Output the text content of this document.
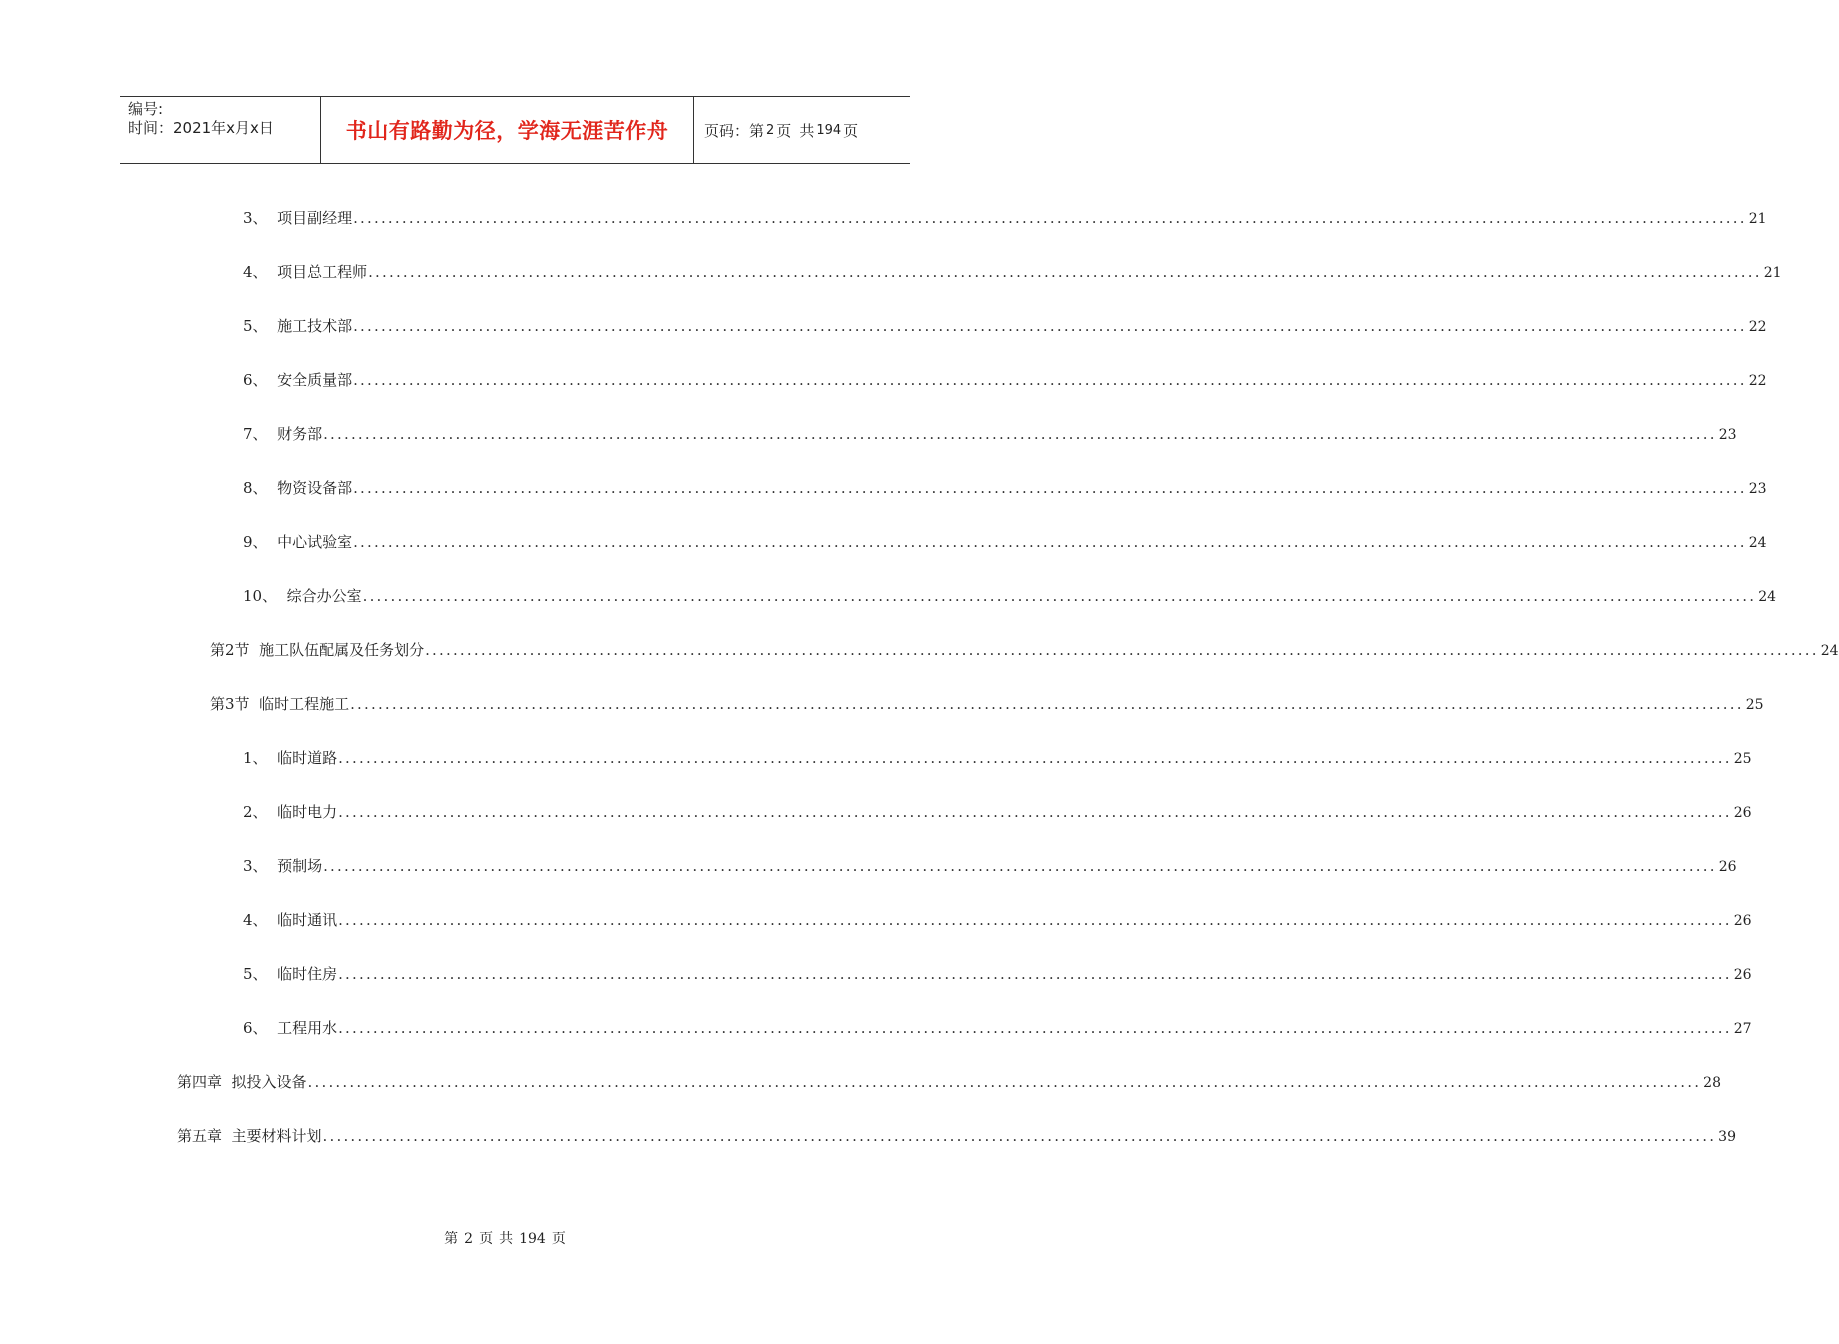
编号:
时间：2021年x月x日	书山有路勤为径，学海无涯苦作舟	页码：第 2 页 共 194 页
3、  项目副经理 ........................................................................................................................................................................................................ 21
4、  项目总工程师 ........................................................................................................................................................................................................ 21
5、  施工技术部 ........................................................................................................................................................................................................ 22
6、  安全质量部 ........................................................................................................................................................................................................ 22
7、  财务部 ........................................................................................................................................................................................................ 23
8、  物资设备部 ........................................................................................................................................................................................................ 23
9、  中心试验室 ........................................................................................................................................................................................................ 24
10、  综合办公室 ........................................................................................................................................................................................................ 24
第2节  施工队伍配属及任务划分 ........................................................................................................................................................................................................ 24
第3节  临时工程施工 ........................................................................................................................................................................................................ 25
1、  临时道路 ........................................................................................................................................................................................................ 25
2、  临时电力 ........................................................................................................................................................................................................ 26
3、  预制场 ........................................................................................................................................................................................................ 26
4、  临时通讯 ........................................................................................................................................................................................................ 26
5、  临时住房 ........................................................................................................................................................................................................ 26
6、  工程用水 ........................................................................................................................................................................................................ 27
第四章  拟投入设备 ........................................................................................................................................................................................................ 28
第五章  主要材料计划 ........................................................................................................................................................................................................ 39
第 2 页 共 194 页
